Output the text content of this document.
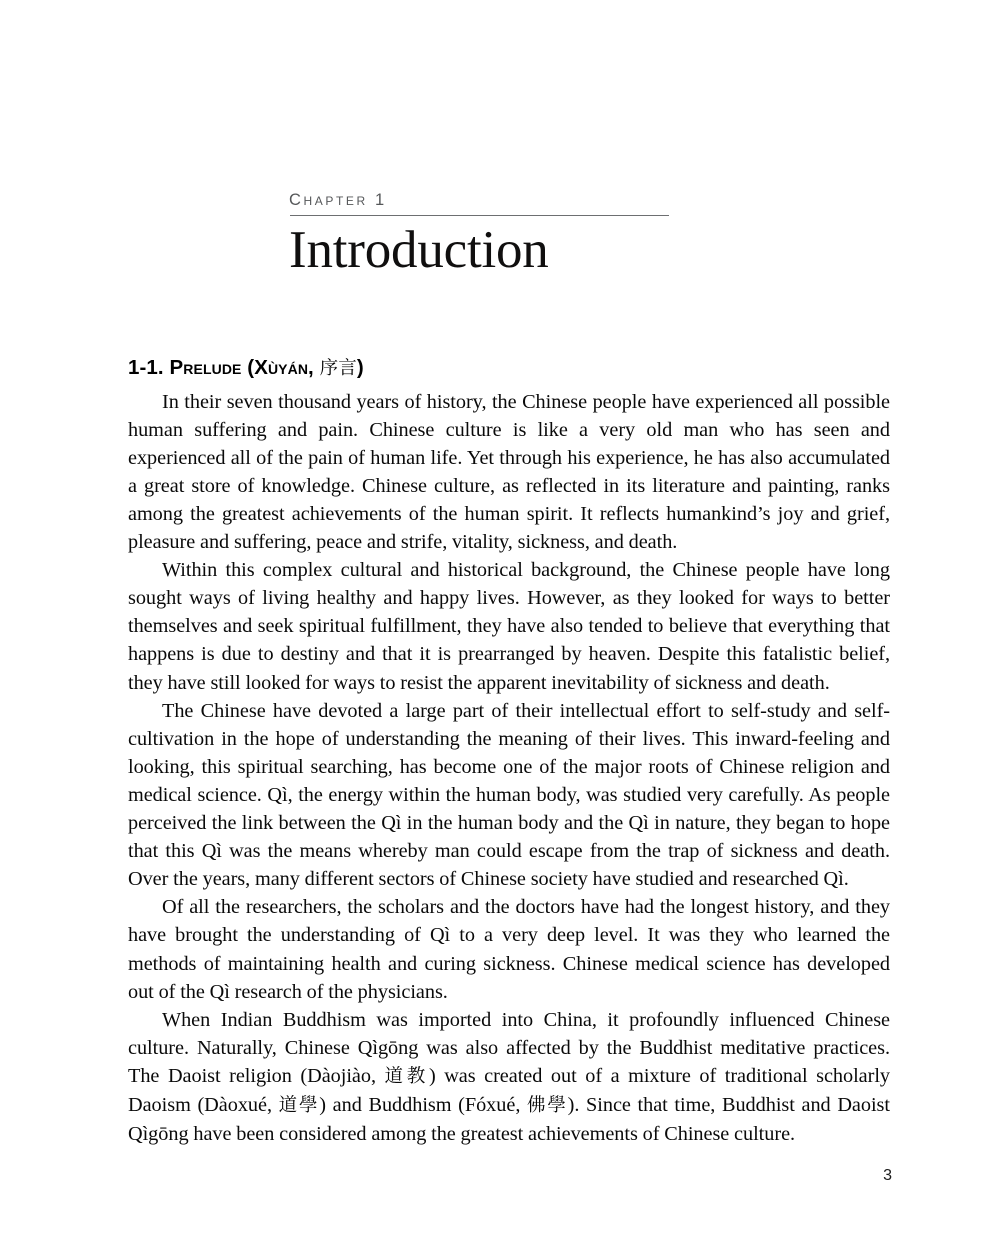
Chapter 1
Introduction
1-1. Prelude (Xùyán, 序言)

In their seven thousand years of history, the Chinese people have experienced all possible human suffering and pain. Chinese culture is like a very old man who has seen and experienced all of the pain of human life. Yet through his experience, he has also accumulated a great store of knowledge. Chinese culture, as reflected in its literature and painting, ranks among the greatest achievements of the human spirit. It reflects humankind’s joy and grief, pleasure and suffering, peace and strife, vitality, sickness, and death.

Within this complex cultural and historical background, the Chinese people have long sought ways of living healthy and happy lives. However, as they looked for ways to better themselves and seek spiritual fulfillment, they have also tended to believe that everything that happens is due to destiny and that it is prearranged by heaven. Despite this fatalistic belief, they have still looked for ways to resist the apparent inevitability of sickness and death.

The Chinese have devoted a large part of their intellectual effort to self-study and self-cultivation in the hope of understanding the meaning of their lives. This inward-feeling and looking, this spiritual searching, has become one of the major roots of Chinese religion and medical science. Qì, the energy within the human body, was studied very carefully. As people perceived the link between the Qì in the human body and the Qì in nature, they began to hope that this Qì was the means whereby man could escape from the trap of sickness and death. Over the years, many different sectors of Chinese society have studied and researched Qì.

Of all the researchers, the scholars and the doctors have had the longest history, and they have brought the understanding of Qì to a very deep level. It was they who learned the methods of maintaining health and curing sickness. Chinese medical science has developed out of the Qì research of the physicians.

When Indian Buddhism was imported into China, it profoundly influenced Chinese culture. Naturally, Chinese Qìgōng was also affected by the Buddhist meditative practices. The Daoist religion (Dàojiào, 道教) was created out of a mixture of traditional scholarly Daoism (Dàoxué, 道學) and Buddhism (Fóxué, 佛學). Since that time, Buddhist and Daoist Qìgōng have been considered among the greatest achievements of Chinese culture.

3
